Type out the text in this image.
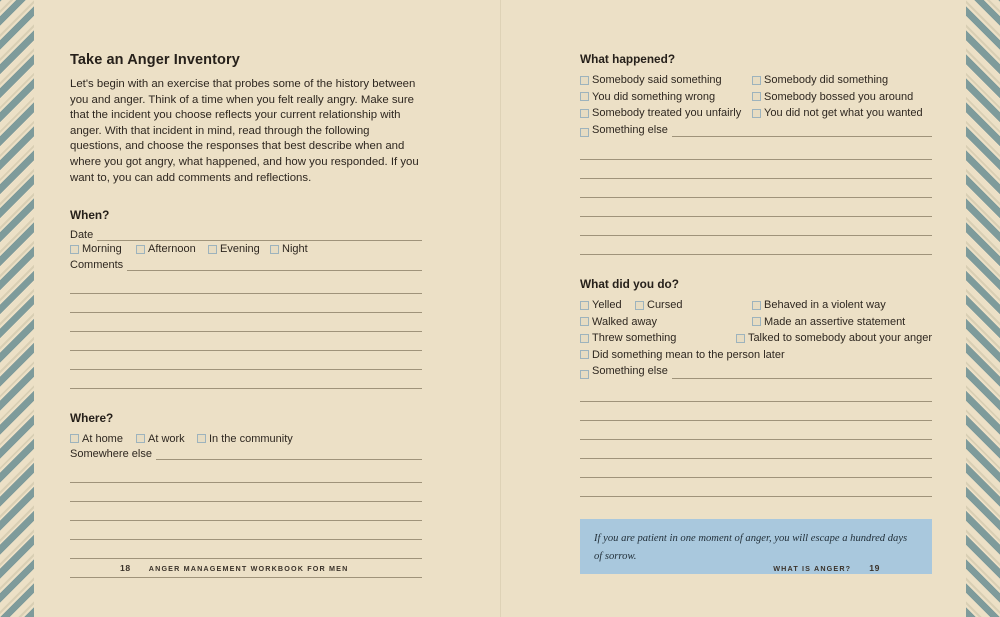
Take an Anger Inventory

Let's begin with an exercise that probes some of the history between you and anger. Think of a time when you felt really angry. Make sure that the incident you choose reflects your current relationship with anger. With that incident in mind, read through the following questions, and choose the responses that best describe when and where you got angry, what happened, and how you responded. If you want to, you can add comments and reflections.

When?
Date
Morning Afternoon Evening Night
Comments
Where?
At home At work In the community
Somewhere else
18	ANGER MANAGEMENT WORKBOOK FOR MEN
What happened?
Somebody said something	Somebody did something
You did something wrong	Somebody bossed you around
Somebody treated you unfairly You did not get what you wanted
Something else
What did you do?
Yelled Cursed	Behaved in a violent way
Walked away	Made an assertive statement
Threw something	Talked to somebody about your anger
Did something mean to the person later
Something else
If you are patient in one moment of anger, you will escape a hundred days of sorrow.
WHAT IS ANGER? 19
